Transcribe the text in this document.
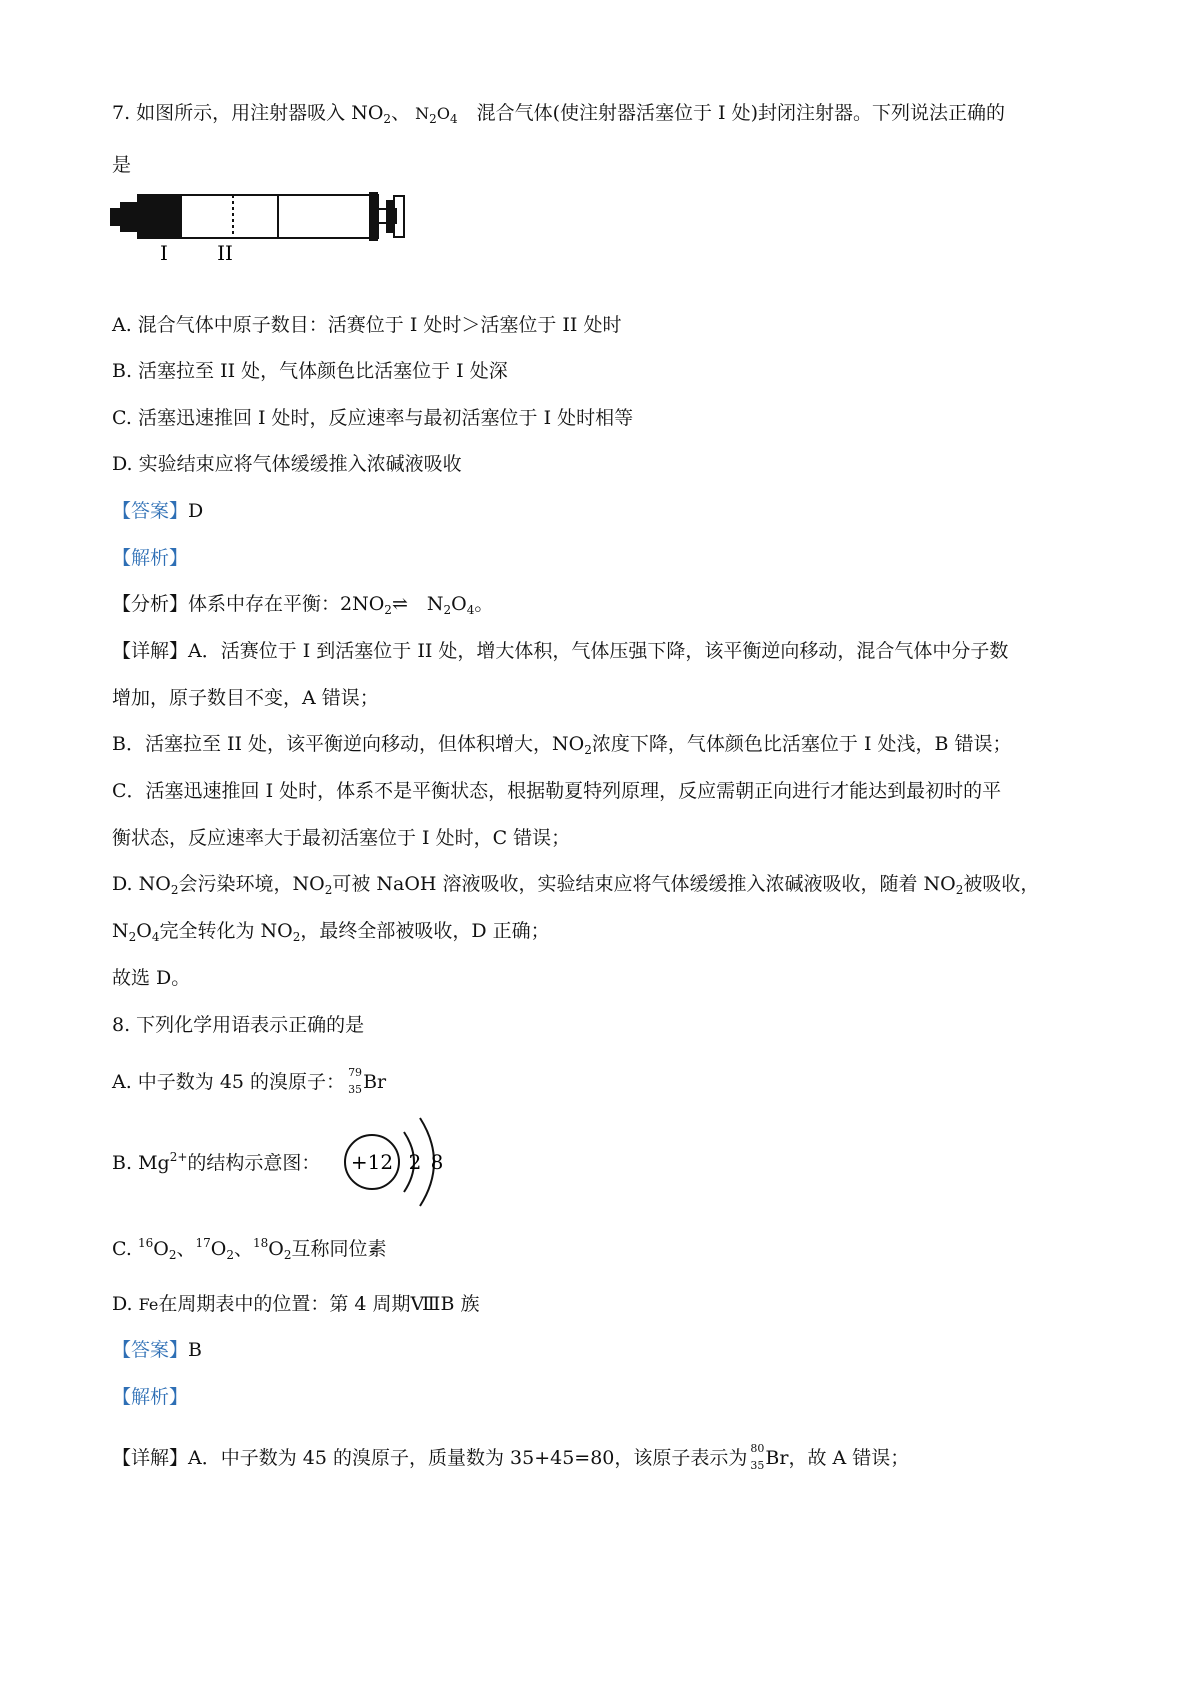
7. 如图所示，用注射器吸入 $NO_2$、 $N_2O_4$　 混合气体(使注射器活塞位于 I 处)封闭注射器。下列说法正确的
是
I II
A. 混合气体中原子数目：活赛位于 I 处时＞活塞位于 II 处时
B. 活塞拉至 II 处，气体颜色比活塞位于 I 处深
C. 活塞迅速推回 I 处时，反应速率与最初活塞位于 I 处时相等
D. 实验结束应将气体缓缓推入浓碱液吸收
【答案】D
【解析】
【分析】体系中存在平衡：$2NO_2\rightleftharpoons$　$N_2O_4$。
【详解】A．活赛位于 I 到活塞位于 II 处，增大体积，气体压强下降，该平衡逆向移动，混合气体中分子数
增加，原子数目不变，A 错误；
B．活塞拉至 II 处，该平衡逆向移动，但体积增大，$NO_2$浓度下降，气体颜色比活塞位于 I 处浅，B 错误；
C．活塞迅速推回 I 处时，体系不是平衡状态，根据勒夏特列原理，反应需朝正向进行才能达到最初时的平
衡状态，反应速率大于最初活塞位于 I 处时，C 错误；
D. $NO_2$会污染环境，$NO_2$可被 NaOH 溶液吸收，实验结束应将气体缓缓推入浓碱液吸收，随着 $NO_2$被吸收，
$N_2O_4$完全转化为 $NO_2$，最终全部被吸收，D 正确；
故选 D。
8. 下列化学用语表示正确的是
A. 中子数为 45 的溴原子： 79
35 Br
B. $Mg^{2+}$的结构示意图： +12 2 8
C. $^{16}O_2$、$^{17}O_2$、$^{18}O_2$互称同位素
D. Fe在周期表中的位置：第 4 周期ⅧB 族
【答案】B
【解析】
【详解】A．中子数为 45 的溴原子，质量数为 35+45=80，该原子表示为 80
35 Br，故 A 错误；
